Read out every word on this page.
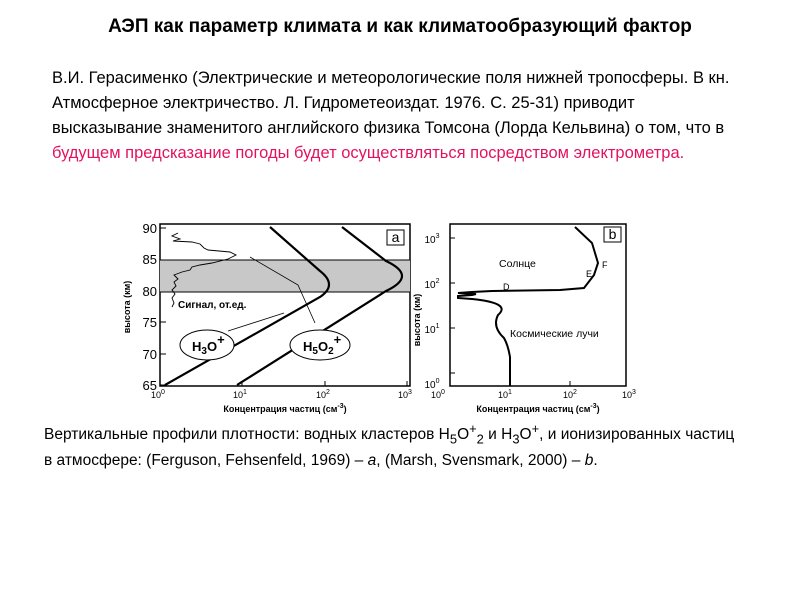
АЭП как параметр климата и как климатообразующий фактор
В.И. Герасименко (Электрические и метеорологические поля нижней тропосферы. В кн. Атмосферное электричество. Л. Гидрометеоиздат. 1976. С. 25-31) приводит высказывание знаменитого английского физика Томсона (Лорда Кельвина) о том, что в будущем предсказание погоды будет осуществляться посредством электрометра.
90
85
80
75
70
65
$10^0$	$10^1$	$10^2$	$10^3$
Концентрация частиц $(см^{-3})$
высота (км)
a
Сигнал, от.ед.
$H_3O+$	$H_5O_2+$
$10^3$
$10^2$
$10^1$
$10^0$
$10^0$	$10^1$	$10^2$	$10^3$
Концентрация частиц $(см^{-3})$
высота (км)
b
Солнце
Космические лучи
F
E
D
Вертикальные профили плотности: водных кластеров $H_5O^+_2$ и $H_3O^+$, и ионизированных частиц в атмосфере: (Ferguson, Fehsenfeld, 1969) – a, (Marsh, Svensmark, 2000) – b.
